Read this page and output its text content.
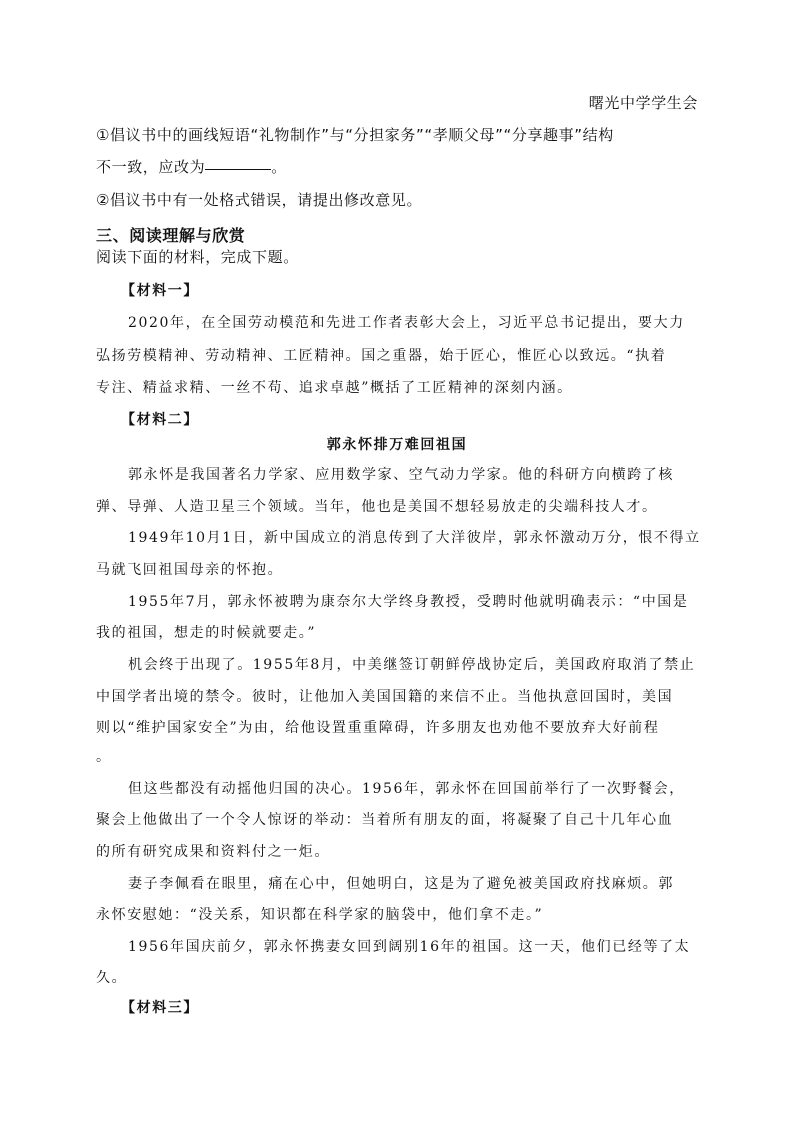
曙光中学学生会
①倡议书中的画线短语“礼物制作”与“分担家务”“孝顺父母”“分享趣事”结构
不一致，应改为	。
②倡议书中有一处格式错误，请提出修改意见。
三、阅读理解与欣赏
阅读下面的材料，完成下题。
【材料一】
2020年，在全国劳动模范和先进工作者表彰大会上，习近平总书记提出，要大力
弘扬劳模精神、劳动精神、工匠精神。国之重器，始于匠心，惟匠心以致远。“执着
专注、精益求精、一丝不苟、追求卓越”概括了工匠精神的深刻内涵。
【材料二】
郭永怀排万难回祖国
郭永怀是我国著名力学家、应用数学家、空气动力学家。他的科研方向横跨了核
弹、导弹、人造卫星三个领域。当年，他也是美国不想轻易放走的尖端科技人才。
1949年10月1日，新中国成立的消息传到了大洋彼岸，郭永怀激动万分，恨不得立
马就飞回祖国母亲的怀抱。
1955年7月，郭永怀被聘为康奈尔大学终身教授，受聘时他就明确表示：“中国是
我的祖国，想走的时候就要走。”
机会终于出现了。1955年8月，中美继签订朝鲜停战协定后，美国政府取消了禁止
中国学者出境的禁令。彼时，让他加入美国国籍的来信不止。当他执意回国时，美国
则以“维护国家安全”为由，给他设置重重障碍，许多朋友也劝他不要放弃大好前程
。
但这些都没有动摇他归国的决心。1956年，郭永怀在回国前举行了一次野餐会，
聚会上他做出了一个令人惊讶的举动：当着所有朋友的面，将凝聚了自己十几年心血
的所有研究成果和资料付之一炬。
妻子李佩看在眼里，痛在心中，但她明白，这是为了避免被美国政府找麻烦。郭
永怀安慰她：“没关系，知识都在科学家的脑袋中，他们拿不走。”
1956年国庆前夕，郭永怀携妻女回到阔别16年的祖国。这一天，他们已经等了太
久。
【材料三】
